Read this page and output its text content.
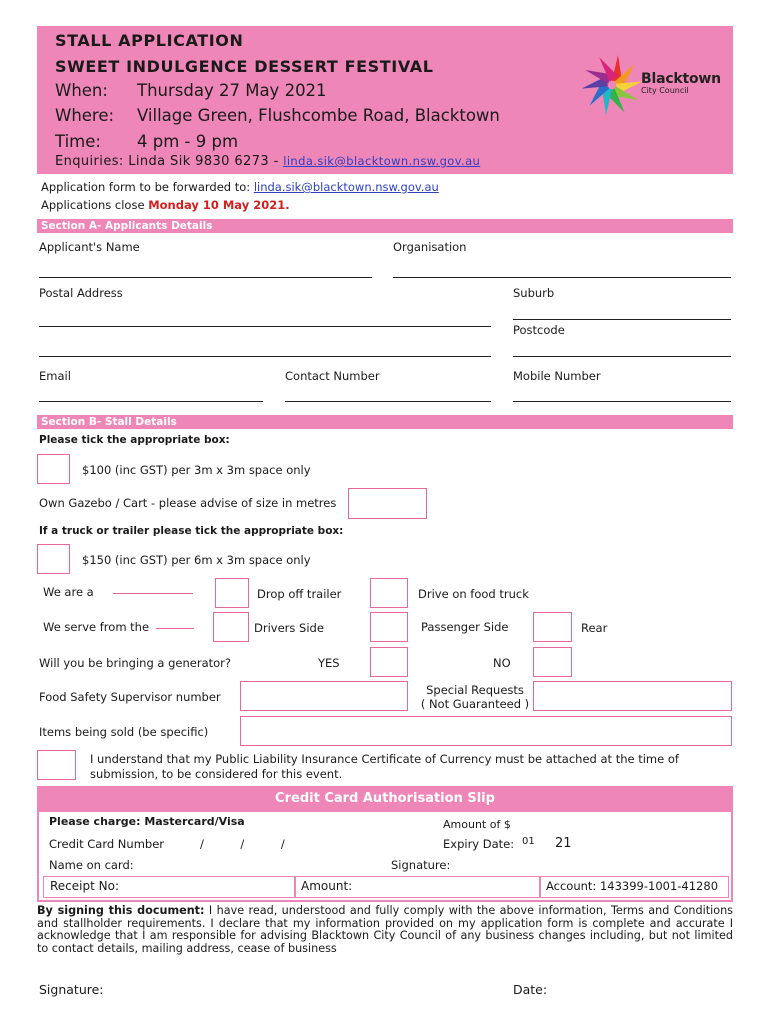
STALL APPLICATION
SWEET INDULGENCE DESSERT FESTIVAL
When: Thursday 27 May 2021
Where: Village Green, Flushcombe Road, Blacktown
Time: 4 pm - 9 pm
Enquiries: Linda Sik 9830 6273 - linda.sik@blacktown.nsw.gov.au
Blacktown
City Council
Application form to be forwarded to: linda.sik@blacktown.nsw.gov.au
Applications close Monday 10 May 2021.
Section A- Applicants Details
Applicant's Name	Organisation
Postal Address	Suburb
Postcode
Email	Contact Number	Mobile Number
Section B- Stall Details
Please tick the appropriate box:
$100 (inc GST) per 3m x 3m space only
Own Gazebo / Cart - please advise of size in metres
If a truck or trailer please tick the appropriate box:
$150 (inc GST) per 6m x 3m space only
We are a	Drop off trailer	Drive on food truck
We serve from the	Drivers Side	Passenger Side	Rear
Will you be bringing a generator?	YES	NO
Food Safety Supervisor number	Special Requests
( Not Guaranteed )
Items being sold (be specific)
I understand that my Public Liability Insurance Certificate of Currency must be attached at the time of
submission, to be considered for this event.
Credit Card Authorisation Slip
Please charge: Mastercard/Visa	Amount of $
Credit Card Number	/          /          /	Expiry Date: 01 21
Name on card:	Signature:
Receipt No:	Amount:	Account: 143399-1001-41280
By signing this document: I have read, understood and fully comply with the above information, Terms and Conditions and stallholder requirements. I declare that my information provided on my application form is complete and accurate I acknowledge that I am responsible for advising Blacktown City Council of any business changes including, but not limited to contact details, mailing address, cease of business
Signature:	Date:
